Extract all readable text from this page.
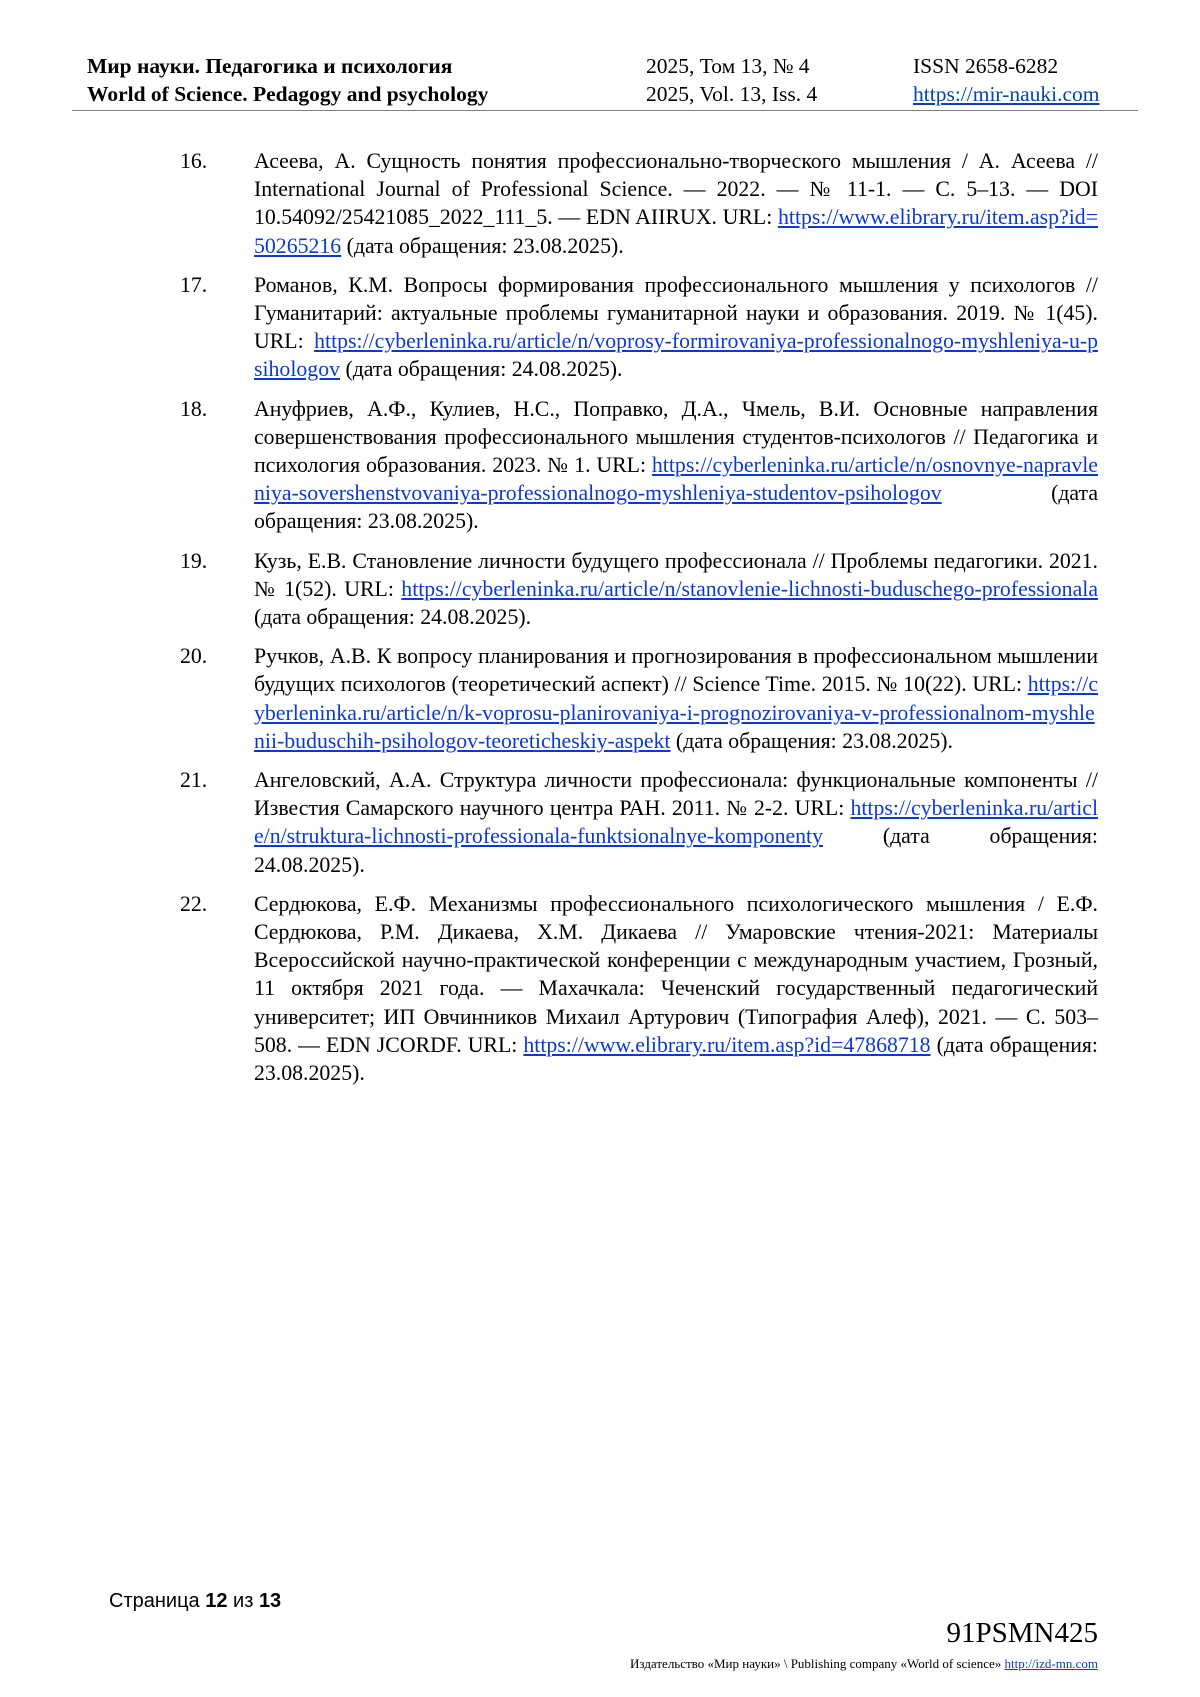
Мир науки. Педагогика и психология
World of Science. Pedagogy and psychology
2025, Том 13, № 4
2025, Vol. 13, Iss. 4
ISSN 2658-6282
https://mir-nauki.com
16. Асеева, А. Сущность понятия профессионально-творческого мышления / А. Асеева // International Journal of Professional Science. — 2022. — № 11-1. — С. 5–13. — DOI 10.54092/25421085_2022_111_5. — EDN AIIRUX. URL: https://www.elibrary.ru/item.asp?id=50265216 (дата обращения: 23.08.2025).
17. Романов, К.М. Вопросы формирования профессионального мышления у психологов // Гуманитарий: актуальные проблемы гуманитарной науки и образования. 2019. № 1(45). URL: https://cyberleninka.ru/article/n/voprosy-formirovaniya-professionalnogo-myshleniya-u-psihologov (дата обращения: 24.08.2025).
18. Ануфриев, А.Ф., Кулиев, Н.С., Поправко, Д.А., Чмель, В.И. Основные направления совершенствования профессионального мышления студентов-психологов // Педагогика и психология образования. 2023. № 1. URL: https://cyberleninka.ru/article/n/osnovnye-napravleniya-sovershenstvovaniya-professionalnogo-myshleniya-studentov-psihologov (дата обращения: 23.08.2025).
19. Кузь, Е.В. Становление личности будущего профессионала // Проблемы педагогики. 2021. № 1(52). URL: https://cyberleninka.ru/article/n/stanovlenie-lichnosti-buduschego-professionala (дата обращения: 24.08.2025).
20. Ручков, А.В. К вопросу планирования и прогнозирования в профессиональном мышлении будущих психологов (теоретический аспект) // Science Time. 2015. № 10(22). URL: https://cyberleninka.ru/article/n/k-voprosu-planirovaniya-i-prognozirovaniya-v-professionalnom-myshlenii-buduschih-psihologov-teoreticheskiy-aspekt (дата обращения: 23.08.2025).
21. Ангеловский, А.А. Структура личности профессионала: функциональные компоненты // Известия Самарского научного центра РАН. 2011. № 2-2. URL: https://cyberleninka.ru/article/n/struktura-lichnosti-professionala-funktsionalnye-komponenty (дата обращения: 24.08.2025).
22. Сердюкова, Е.Ф. Механизмы профессионального психологического мышления / Е.Ф. Сердюкова, Р.М. Дикаева, Х.М. Дикаева // Умаровские чтения-2021: Материалы Всероссийской научно-практической конференции с международным участием, Грозный, 11 октября 2021 года. — Махачкала: Чеченский государственный педагогический университет; ИП Овчинников Михаил Артурович (Типография Алеф), 2021. — С. 503–508. — EDN JCORDF. URL: https://www.elibrary.ru/item.asp?id=47868718 (дата обращения: 23.08.2025).
Страница 12 из 13
91PSMN425
Издательство «Мир науки» \ Publishing company «World of science» http://izd-mn.com
